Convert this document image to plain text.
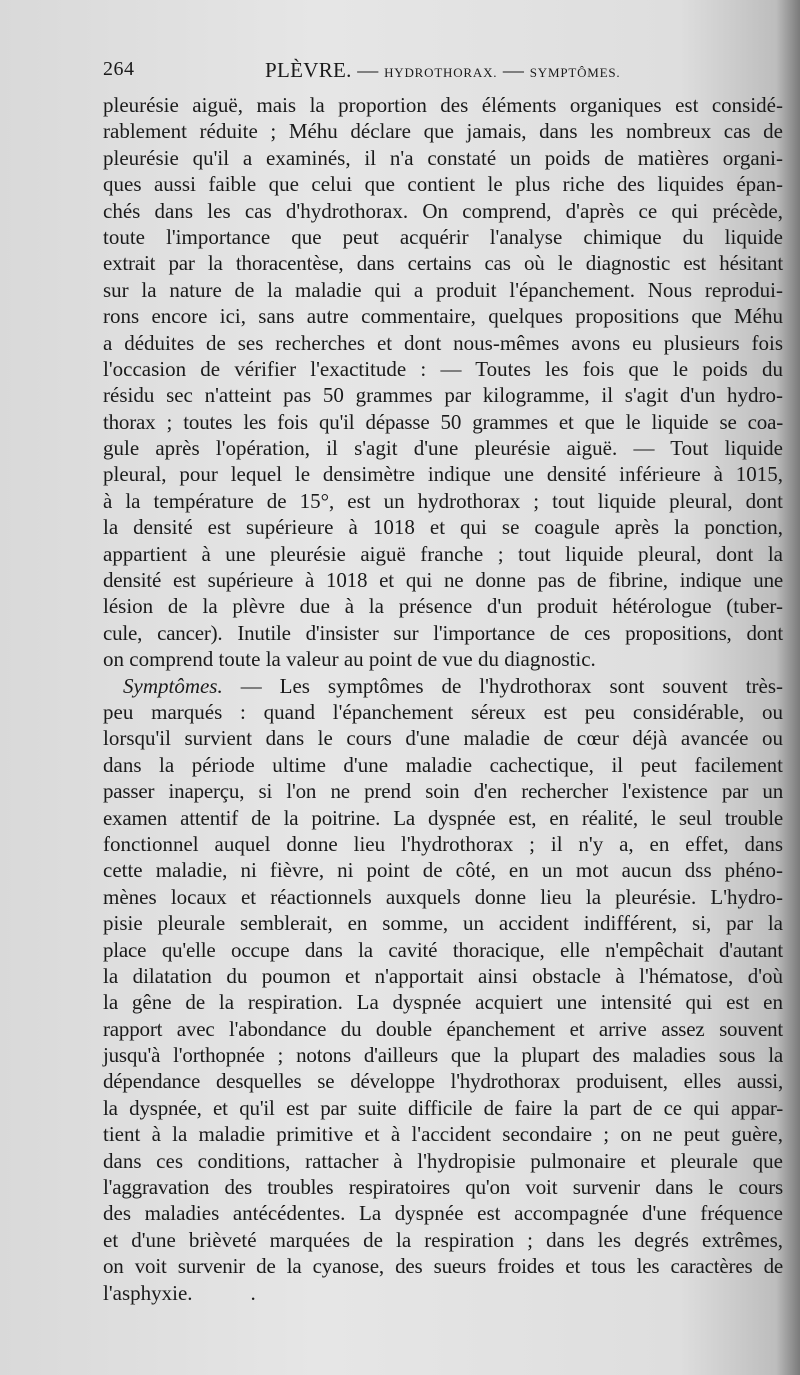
264	PLÈVRE. — HYDROTHORAX. — SYMPTÔMES.
pleurésie aiguë, mais la proportion des éléments organiques est considé-
rablement réduite ; Méhu déclare que jamais, dans les nombreux cas de
pleurésie qu'il a examinés, il n'a constaté un poids de matières organi-
ques aussi faible que celui que contient le plus riche des liquides épan-
chés dans les cas d'hydrothorax. On comprend, d'après ce qui précède,
toute l'importance que peut acquérir l'analyse chimique du liquide
extrait par la thoracentèse, dans certains cas où le diagnostic est hésitant
sur la nature de la maladie qui a produit l'épanchement. Nous reprodui-
rons encore ici, sans autre commentaire, quelques propositions que Méhu
a déduites de ses recherches et dont nous-mêmes avons eu plusieurs fois
l'occasion de vérifier l'exactitude : — Toutes les fois que le poids du
résidu sec n'atteint pas 50 grammes par kilogramme, il s'agit d'un hydro-
thorax ; toutes les fois qu'il dépasse 50 grammes et que le liquide se coa-
gule après l'opération, il s'agit d'une pleurésie aiguë. — Tout liquide
pleural, pour lequel le densimètre indique une densité inférieure à 1015,
à la température de 15°, est un hydrothorax ; tout liquide pleural, dont
la densité est supérieure à 1018 et qui se coagule après la ponction,
appartient à une pleurésie aiguë franche ; tout liquide pleural, dont la
densité est supérieure à 1018 et qui ne donne pas de fibrine, indique une
lésion de la plèvre due à la présence d'un produit hétérologue (tuber-
cule, cancer). Inutile d'insister sur l'importance de ces propositions, dont
on comprend toute la valeur au point de vue du diagnostic.
Symptômes. — Les symptômes de l'hydrothorax sont souvent très-
peu marqués : quand l'épanchement séreux est peu considérable, ou
lorsqu'il survient dans le cours d'une maladie de cœur déjà avancée ou
dans la période ultime d'une maladie cachectique, il peut facilement
passer inaperçu, si l'on ne prend soin d'en rechercher l'existence par un
examen attentif de la poitrine. La dyspnée est, en réalité, le seul trouble
fonctionnel auquel donne lieu l'hydrothorax ; il n'y a, en effet, dans
cette maladie, ni fièvre, ni point de côté, en un mot aucun dss phéno-
mènes locaux et réactionnels auxquels donne lieu la pleurésie. L'hydro-
pisie pleurale semblerait, en somme, un accident indifférent, si, par la
place qu'elle occupe dans la cavité thoracique, elle n'empêchait d'autant
la dilatation du poumon et n'apportait ainsi obstacle à l'hématose, d'où
la gêne de la respiration. La dyspnée acquiert une intensité qui est en
rapport avec l'abondance du double épanchement et arrive assez souvent
jusqu'à l'orthopnée ; notons d'ailleurs que la plupart des maladies sous la
dépendance desquelles se développe l'hydrothorax produisent, elles aussi,
la dyspnée, et qu'il est par suite difficile de faire la part de ce qui appar-
tient à la maladie primitive et à l'accident secondaire ; on ne peut guère,
dans ces conditions, rattacher à l'hydropisie pulmonaire et pleurale que
l'aggravation des troubles respiratoires qu'on voit survenir dans le cours
des maladies antécédentes. La dyspnée est accompagnée d'une fréquence
et d'une brièveté marquées de la respiration ; dans les degrés extrêmes,
on voit survenir de la cyanose, des sueurs froides et tous les caractères de
l'asphyxie.	.
